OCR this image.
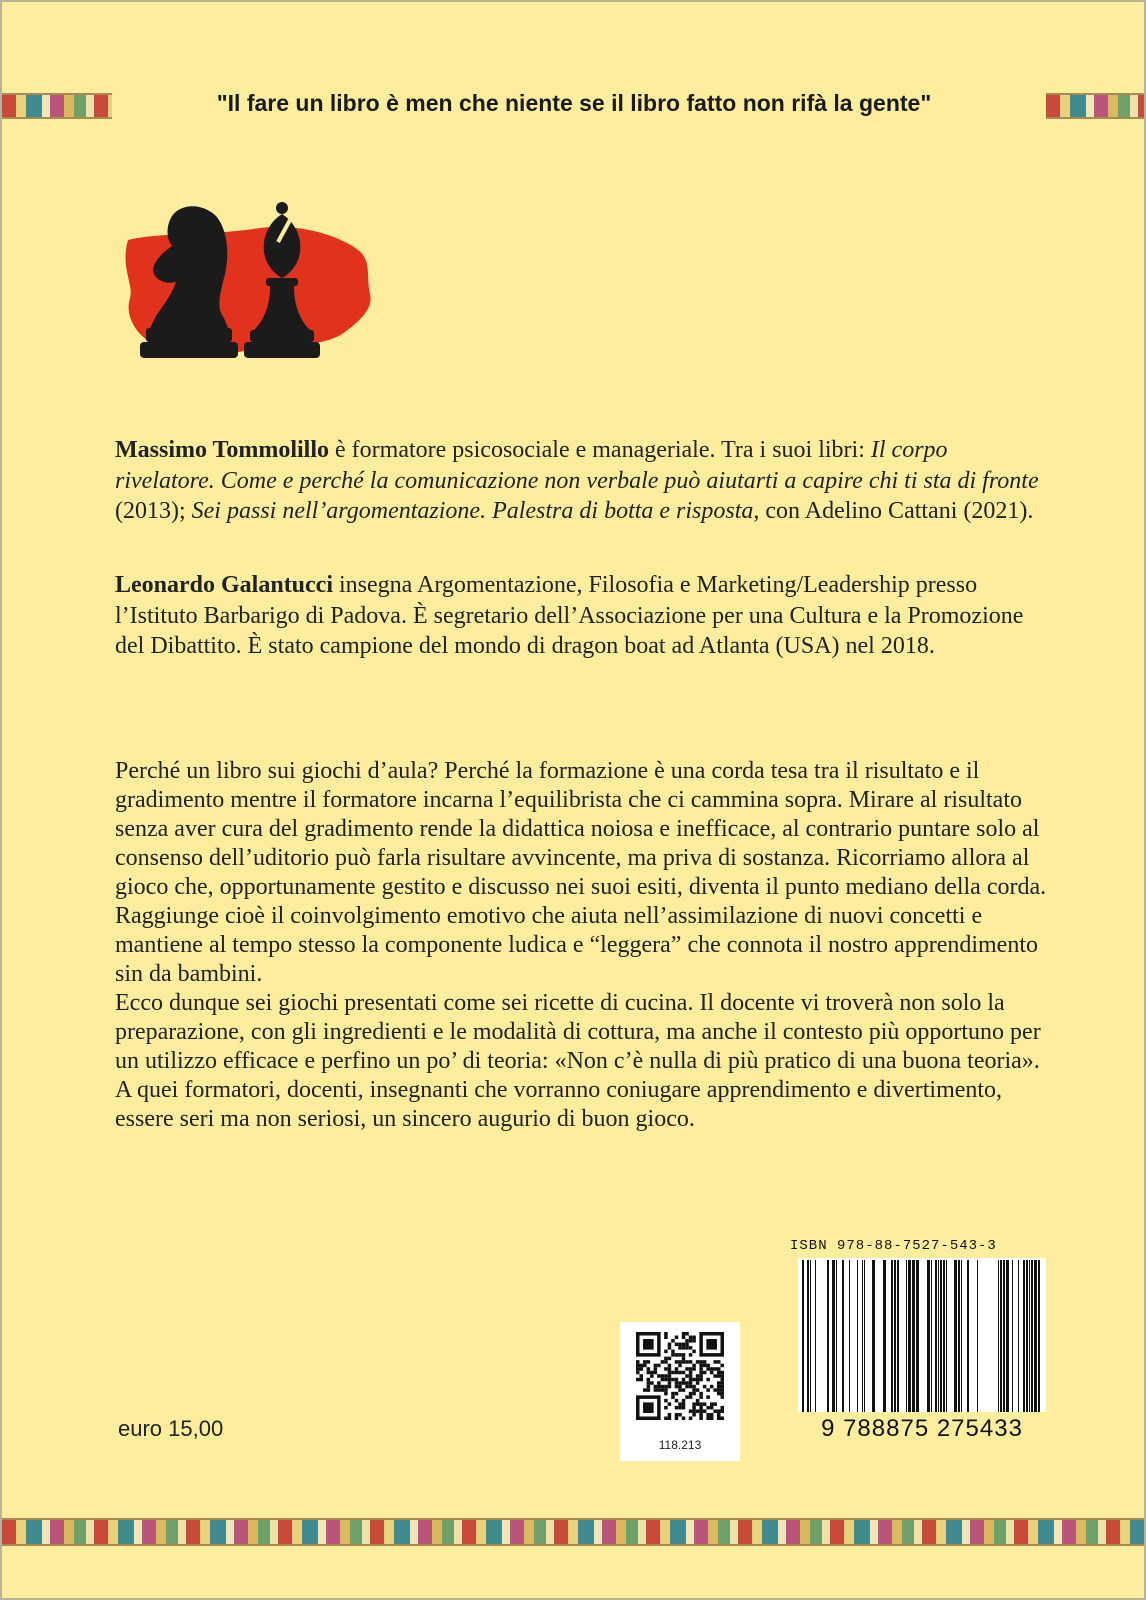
"Il fare un libro è men che niente se il libro fatto non rifà la gente"

Massimo Tommolillo è formatore psicosociale e manageriale. Tra i suoi libri: Il corpo rivelatore. Come e perché la comunicazione non verbale può aiutarti a capire chi ti sta di fronte (2013); Sei passi nell’argomentazione. Palestra di botta e risposta, con Adelino Cattani (2021).

Leonardo Galantucci insegna Argomentazione, Filosofia e Marketing/Leadership presso l’Istituto Barbarigo di Padova. È segretario dell’Associazione per una Cultura e la Promozione del Dibattito. È stato campione del mondo di dragon boat ad Atlanta (USA) nel 2018.

Perché un libro sui giochi d’aula? Perché la formazione è una corda tesa tra il risultato e il gradimento mentre il formatore incarna l’equilibrista che ci cammina sopra. Mirare al risultato senza aver cura del gradimento rende la didattica noiosa e inefficace, al contrario puntare solo al consenso dell’uditorio può farla risultare avvincente, ma priva di sostanza. Ricorriamo allora al gioco che, opportunamente gestito e discusso nei suoi esiti, diventa il punto mediano della corda. Raggiunge cioè il coinvolgimento emotivo che aiuta nell’assimilazione di nuovi concetti e mantiene al tempo stesso la componente ludica e “leggera” che connota il nostro apprendimento sin da bambini.
Ecco dunque sei giochi presentati come sei ricette di cucina. Il docente vi troverà non solo la preparazione, con gli ingredienti e le modalità di cottura, ma anche il contesto più opportuno per un utilizzo efficace e perfino un po’ di teoria: «Non c’è nulla di più pratico di una buona teoria».
A quei formatori, docenti, insegnanti che vorranno coniugare apprendimento e divertimento, essere seri ma non seriosi, un sincero augurio di buon gioco.

ISBN 978-88-7527-543-3
9 788875 275433
118.213
euro 15,00
